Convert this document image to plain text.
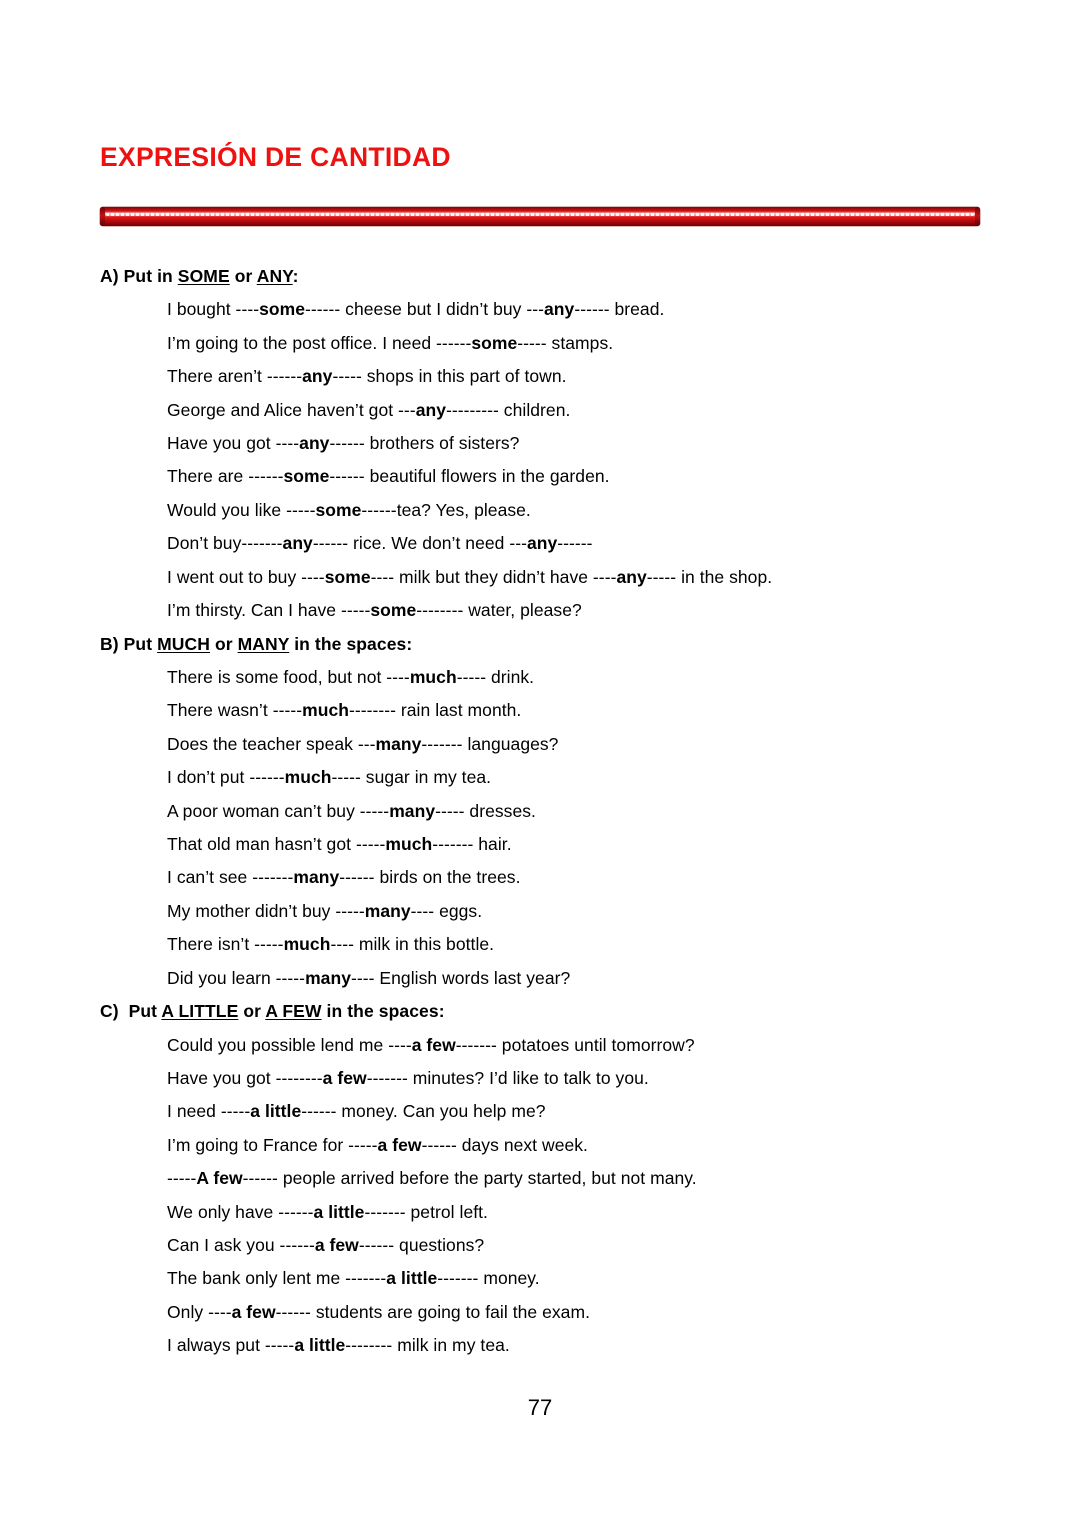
EXPRESIÓN DE CANTIDAD
A) Put in SOME or ANY:
I bought ----some------ cheese but I didn’t buy ---any------ bread.
I’m going to the post office. I need ------some----- stamps.
There aren’t ------any----- shops in this part of town.
George and Alice haven’t got ---any--------- children.
Have you got ----any------ brothers of sisters?
There are ------some------ beautiful flowers in the garden.
Would you like -----some------tea? Yes, please.
Don’t buy-------any------ rice. We don’t need ---any------
I went out to buy ----some---- milk but they didn’t have ----any----- in the shop.
I’m thirsty. Can I have -----some-------- water, please?
B) Put MUCH or MANY in the spaces:
There is some food, but not ----much----- drink.
There wasn’t -----much-------- rain last month.
Does the teacher speak ---many------- languages?
I don’t put ------much----- sugar in my tea.
A poor woman can’t buy -----many----- dresses.
That old man hasn’t got -----much------- hair.
I can’t see -------many------ birds on the trees.
My mother didn’t buy -----many---- eggs.
There isn’t -----much---- milk in this bottle.
Did you learn -----many---- English words last year?
C)  Put A LITTLE or A FEW in the spaces:
Could you possible lend me ----a few------- potatoes until tomorrow?
Have you got --------a few------- minutes? I’d like to talk to you.
I need -----a little------ money. Can you help me?
I’m going to France for -----a few------ days next week.
-----A few------ people arrived before the party started, but not many.
We only have ------a little------- petrol left.
Can I ask you ------a few------ questions?
The bank only lent me -------a little------- money.
Only ----a few------ students are going to fail the exam.
I always put -----a little-------- milk in my tea.
77
